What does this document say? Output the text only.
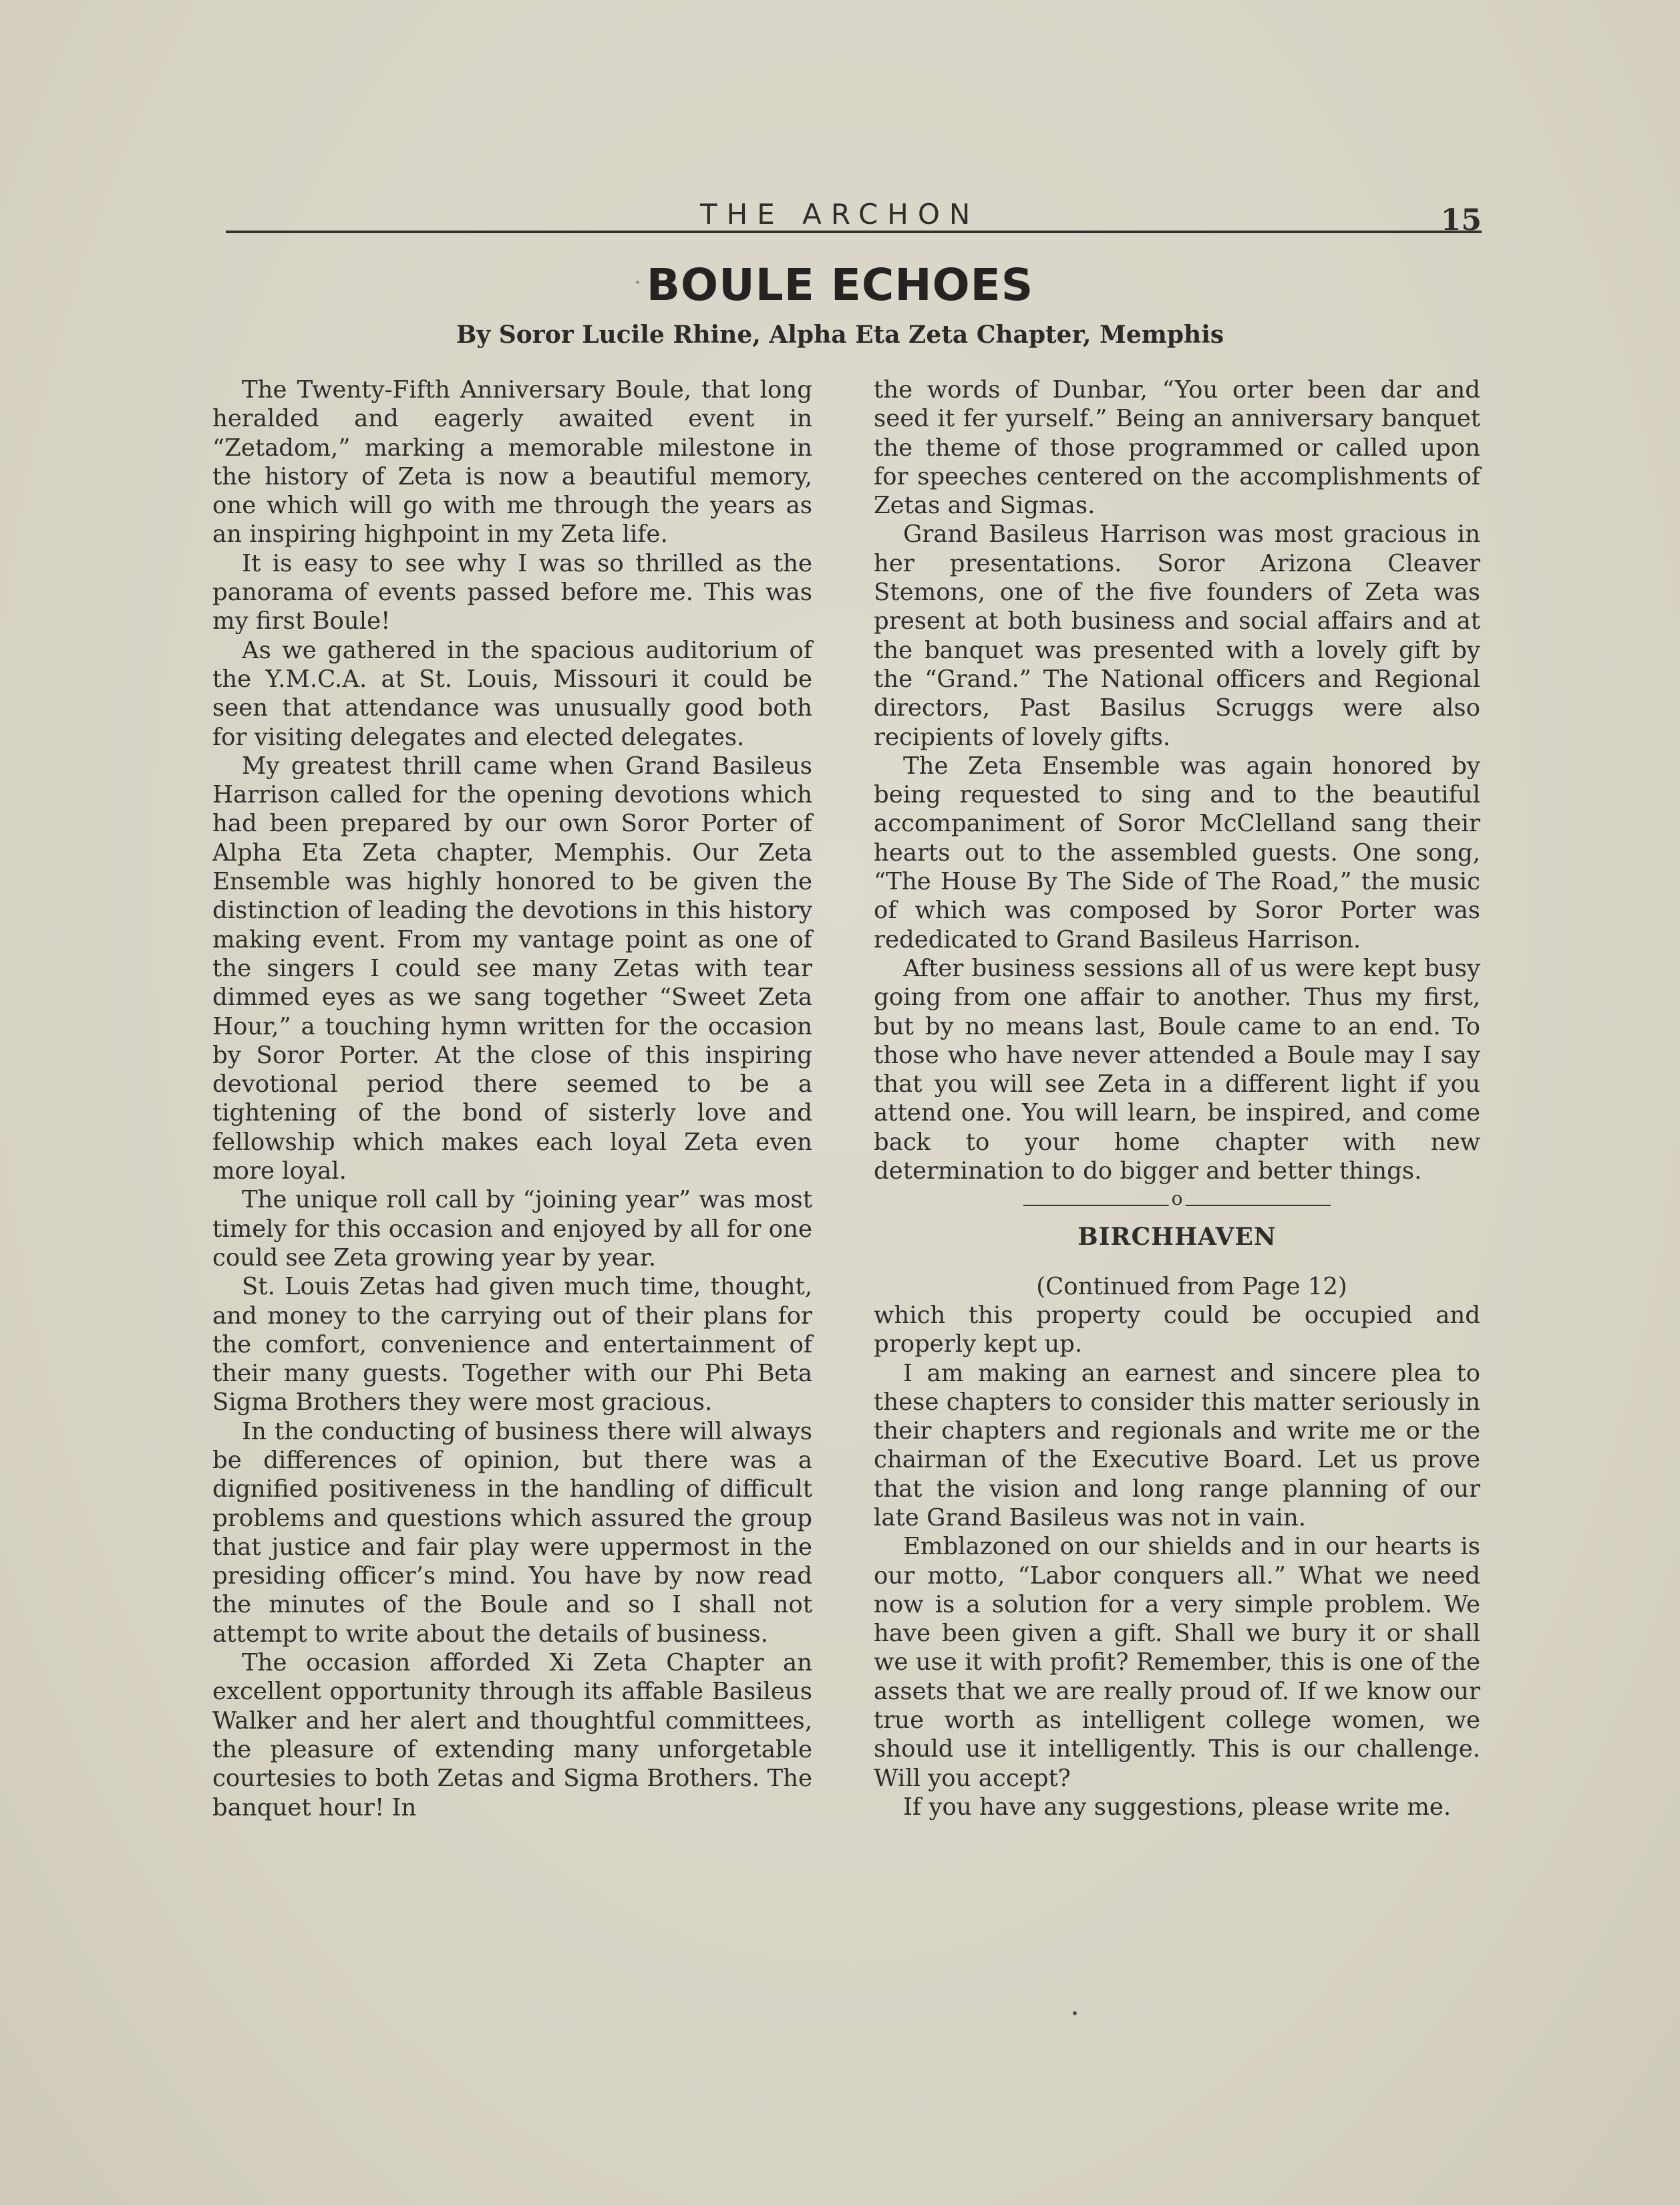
THE ARCHON	15
BOULE ECHOES
By Soror Lucile Rhine, Alpha Eta Zeta Chapter, Memphis

The Twenty-Fifth Anniversary Boule, that long heralded and eagerly awaited event in “Zetadom,” marking a memorable milestone in the history of Zeta is now a beautiful memory, one which will go with me through the years as an inspiring highpoint in my Zeta life.

It is easy to see why I was so thrilled as the panorama of events passed before me. This was my first Boule!

As we gathered in the spacious auditorium of the Y.M.C.A. at St. Louis, Missouri it could be seen that attendance was unusually good both for visiting delegates and elected delegates.

My greatest thrill came when Grand Basileus Harrison called for the opening devotions which had been prepared by our own Soror Porter of Alpha Eta Zeta chapter, Memphis. Our Zeta Ensemble was highly honored to be given the distinction of leading the devotions in this history making event. From my vantage point as one of the singers I could see many Zetas with tear dimmed eyes as we sang together “Sweet Zeta Hour,” a touching hymn written for the occasion by Soror Porter. At the close of this inspiring devotional period there seemed to be a tightening of the bond of sisterly love and fellowship which makes each loyal Zeta even more loyal.

The unique roll call by “joining year” was most timely for this occasion and enjoyed by all for one could see Zeta growing year by year.

St. Louis Zetas had given much time, thought, and money to the carrying out of their plans for the comfort, convenience and entertainment of their many guests. Together with our Phi Beta Sigma Brothers they were most gracious.

In the conducting of business there will always be differences of opinion, but there was a dignified positiveness in the handling of difficult problems and questions which assured the group that justice and fair play were uppermost in the presiding officer’s mind. You have by now read the minutes of the Boule and so I shall not attempt to write about the details of business.

The occasion afforded Xi Zeta Chapter an excellent opportunity through its affable Basileus Walker and her alert and thoughtful committees, the pleasure of extending many unforgetable courtesies to both Zetas and Sigma Brothers. The banquet hour! In

the words of Dunbar, “You orter been dar and seed it fer yurself.” Being an anniversary banquet the theme of those programmed or called upon for speeches centered on the accomplishments of Zetas and Sigmas.

Grand Basileus Harrison was most gracious in her presentations. Soror Arizona Cleaver Stemons, one of the five founders of Zeta was present at both business and social affairs and at the banquet was presented with a lovely gift by the “Grand.” The National officers and Regional directors, Past Basilus Scruggs were also recipients of lovely gifts.

The Zeta Ensemble was again honored by being requested to sing and to the beautiful accompaniment of Soror McClelland sang their hearts out to the assembled guests. One song, “The House By The Side of The Road,” the music of which was composed by Soror Porter was rededicated to Grand Basileus Harrison.

After business sessions all of us were kept busy going from one affair to another. Thus my first, but by no means last, Boule came to an end. To those who have never attended a Boule may I say that you will see Zeta in a different light if you attend one. You will learn, be inspired, and come back to your home chapter with new determination to do bigger and better things.

o
BIRCHHAVEN

(Continued from Page 12)

which this property could be occupied and properly kept up.

I am making an earnest and sincere plea to these chapters to consider this matter seriously in their chapters and regionals and write me or the chairman of the Executive Board. Let us prove that the vision and long range planning of our late Grand Basileus was not in vain.

Emblazoned on our shields and in our hearts is our motto, “Labor conquers all.” What we need now is a solution for a very simple problem. We have been given a gift. Shall we bury it or shall we use it with profit? Remember, this is one of the assets that we are really proud of. If we know our true worth as intelligent college women, we should use it intelligently. This is our challenge. Will you accept?

If you have any suggestions, please write me.
